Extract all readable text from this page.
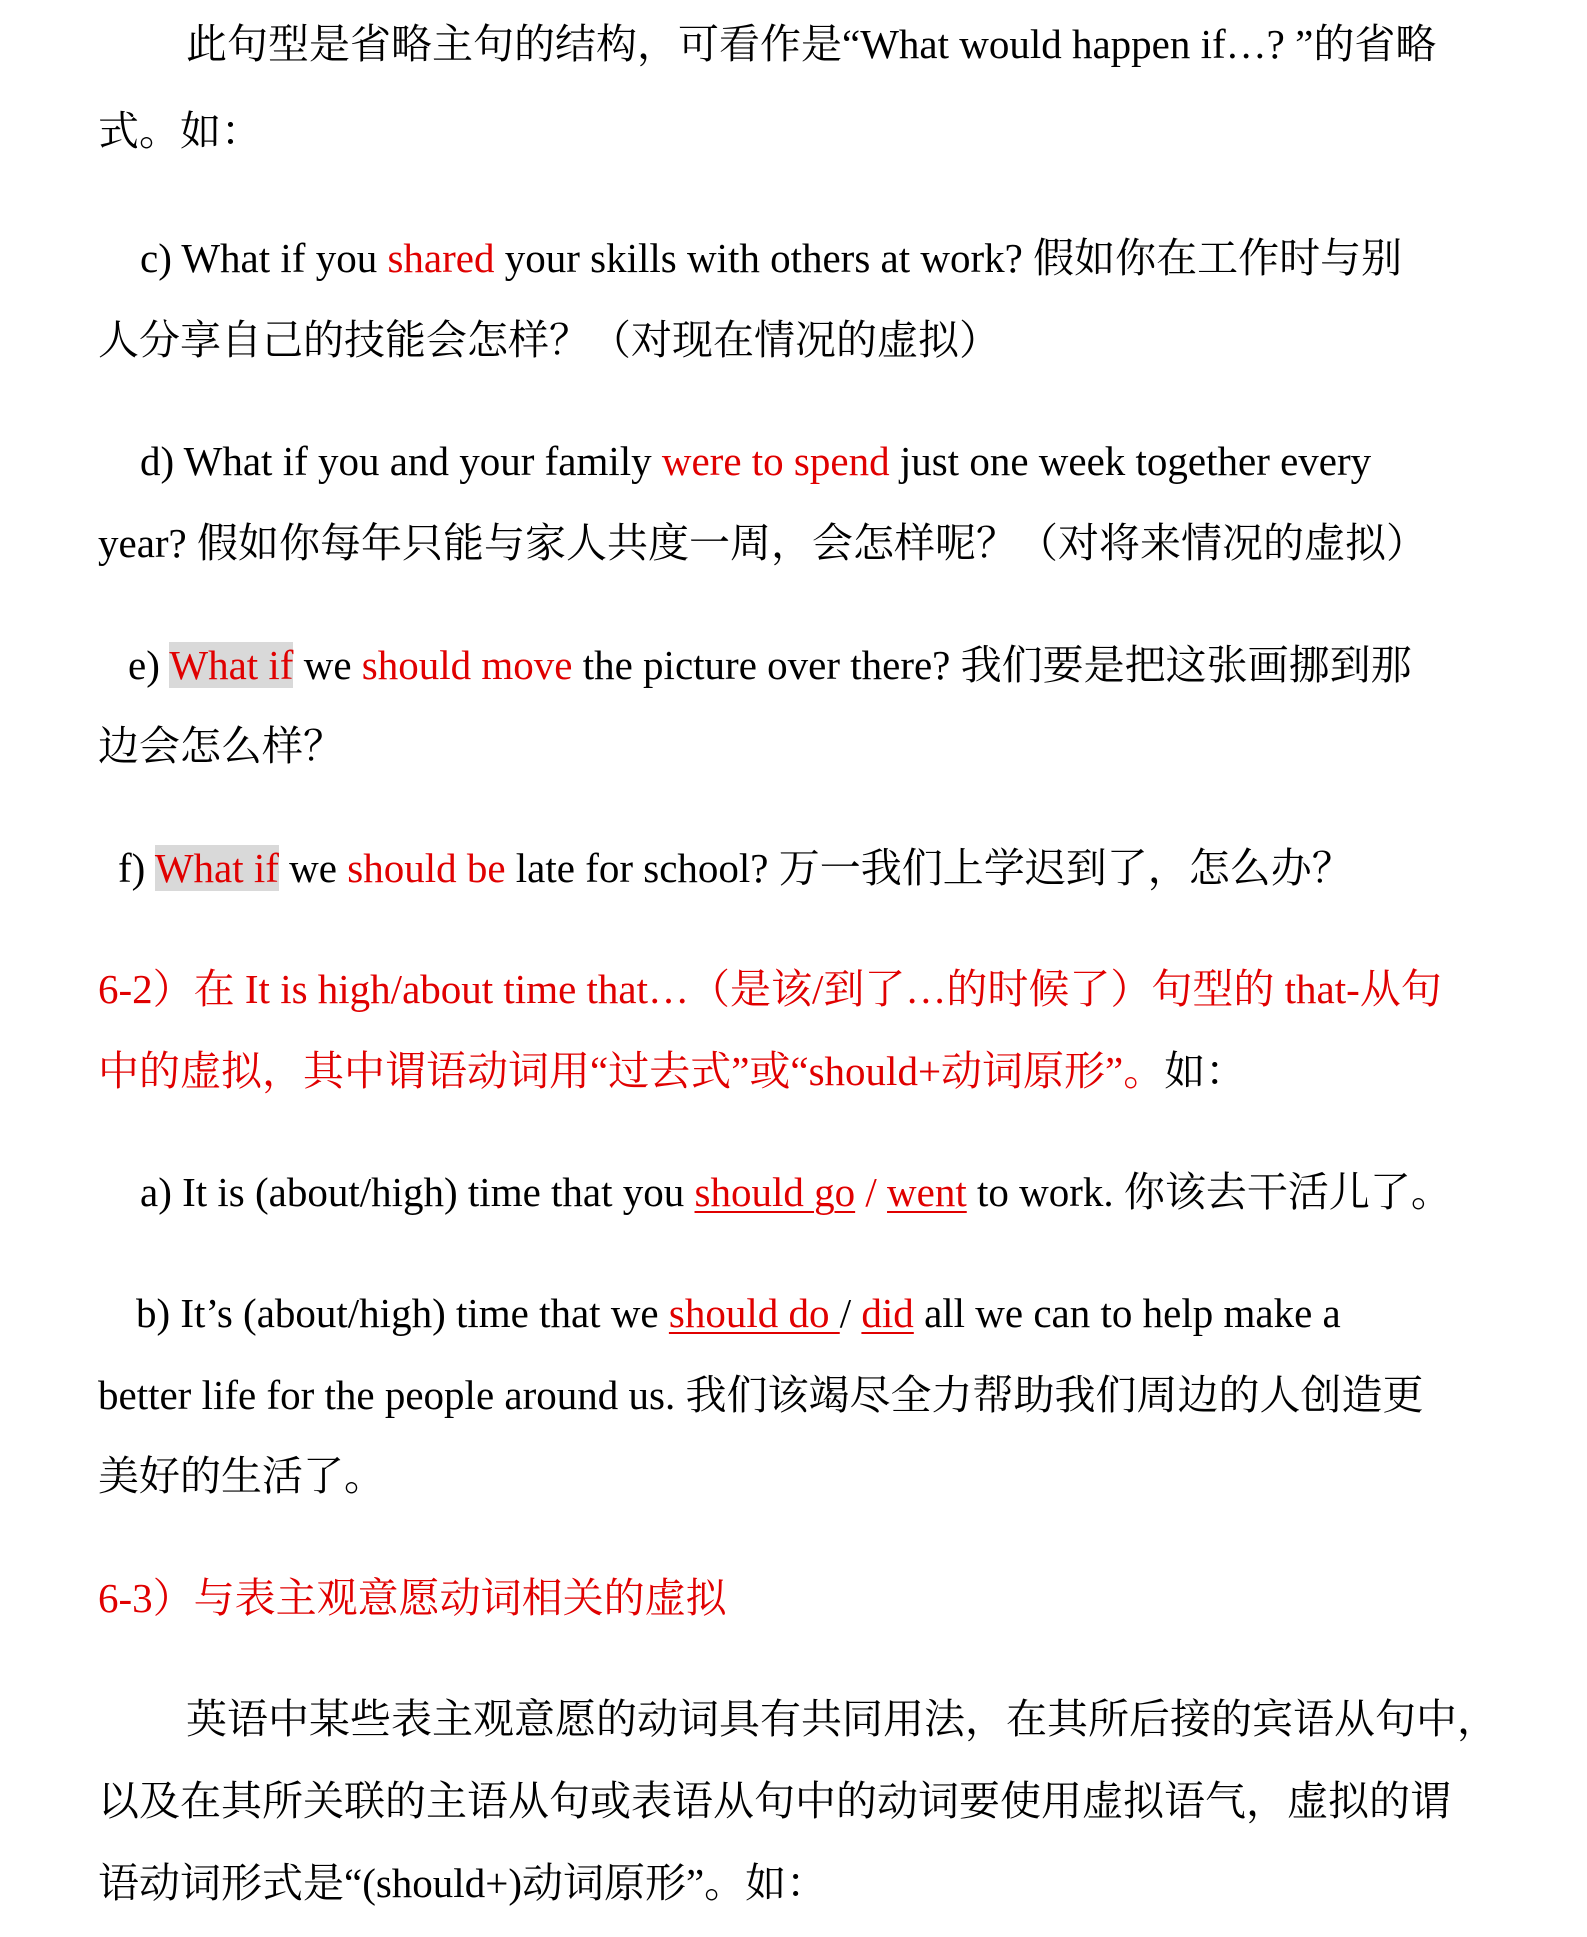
此句型是省略主句的结构，可看作是“What would happen if…? ”的省略
式。如：
c) What if you shared your skills with others at work? 假如你在工作时与别
人分享自己的技能会怎样？（对现在情况的虚拟）
d) What if you and your family were to spend just one week together every
year? 假如你每年只能与家人共度一周，会怎样呢？（对将来情况的虚拟）
e) What if we should move the picture over there? 我们要是把这张画挪到那
边会怎么样？
f) What if we should be late for school? 万一我们上学迟到了，怎么办？
6-2）在 It is high/about time that…（是该/到了…的时候了）句型的 that-从句
中的虚拟，其中谓语动词用“过去式”或“should+动词原形”。如：
a) It is (about/high) time that you should go / went to work. 你该去干活儿了。
b) It’s (about/high) time that we should do / did all we can to help make a
better life for the people around us. 我们该竭尽全力帮助我们周边的人创造更
美好的生活了。
6-3）与表主观意愿动词相关的虚拟
英语中某些表主观意愿的动词具有共同用法，在其所后接的宾语从句中，
以及在其所关联的主语从句或表语从句中的动词要使用虚拟语气，虚拟的谓
语动词形式是“(should+)动词原形”。如：
